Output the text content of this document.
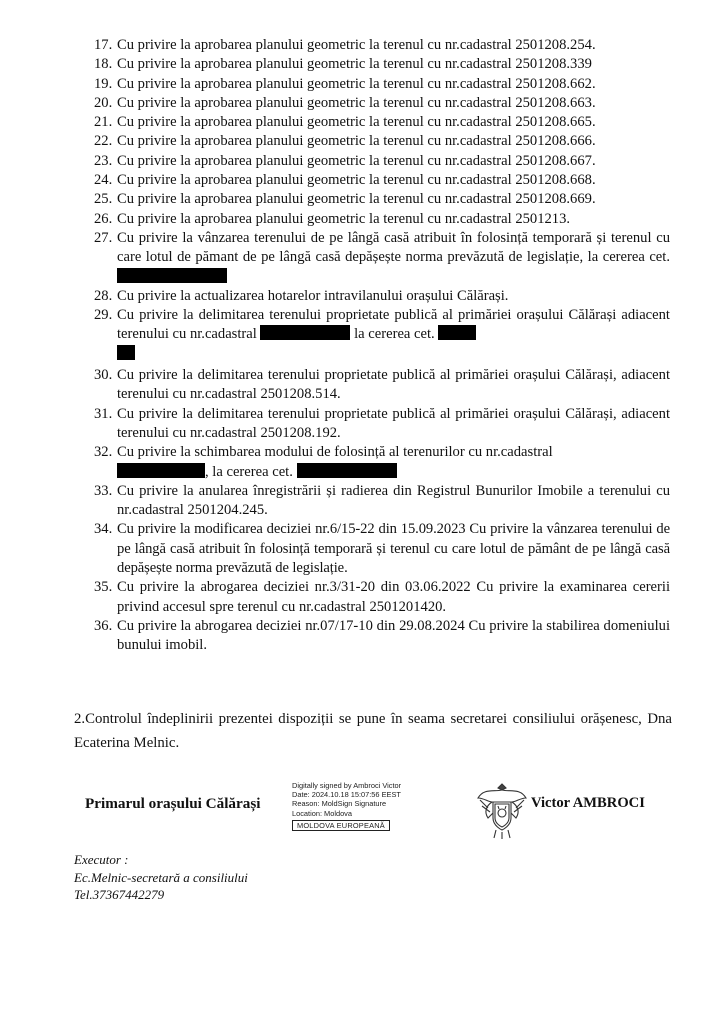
17. Cu privire la aprobarea planului geometric la terenul cu nr.cadastral 2501208.254.
18. Cu privire la aprobarea planului geometric la terenul cu nr.cadastral 2501208.339
19. Cu privire la aprobarea planului geometric la terenul cu nr.cadastral 2501208.662.
20. Cu privire la aprobarea planului geometric la terenul cu nr.cadastral 2501208.663.
21. Cu privire la aprobarea planului geometric la terenul cu nr.cadastral 2501208.665.
22. Cu privire la aprobarea planului geometric la terenul cu nr.cadastral 2501208.666.
23. Cu privire la aprobarea planului geometric la terenul cu nr.cadastral 2501208.667.
24. Cu privire la aprobarea planului geometric la terenul cu nr.cadastral 2501208.668.
25. Cu privire la aprobarea planului geometric la terenul cu nr.cadastral 2501208.669.
26. Cu privire la aprobarea planului geometric la terenul cu nr.cadastral 2501213.
27. Cu privire la vânzarea terenului de pe lângă casă atribuit în folosință temporară și terenul cu care lotul de pămant de pe lângă casă depășește norma prevăzută de legislație, la cererea cet.
28. Cu privire la actualizarea hotarelor intravilanului orașului Călărași.
29. Cu privire la delimitarea terenului proprietate publică al primăriei orașului Călărași adiacent terenului cu nr.cadastral	la cererea cet.

30. Cu privire la delimitarea terenului proprietate publică al primăriei orașului Călărași, adiacent terenului cu nr.cadastral 2501208.514.
31. Cu privire la delimitarea terenului proprietate publică al primăriei orașului Călărași, adiacent terenului cu nr.cadastral 2501208.192.
32. Cu privire la schimbarea modului de folosință al terenurilor cu nr.cadastral
, la cererea cet.
33. Cu privire la anularea înregistrării și radierea din Registrul Bunurilor Imobile a terenului cu nr.cadastral 2501204.245.
34. Cu privire la modificarea deciziei nr.6/15-22 din 15.09.2023 Cu privire la vânzarea terenului de pe lângă casă atribuit în folosință temporară și terenul cu care lotul de pământ de pe lângă casă depășește norma prevăzută de legislație.
35. Cu privire la abrogarea deciziei nr.3/31-20 din 03.06.2022 Cu privire la examinarea cererii privind accesul spre terenul cu nr.cadastral 2501201420.
36. Cu privire la abrogarea deciziei nr.07/17-10 din 29.08.2024 Cu privire la stabilirea domeniului bunului imobil.
2.Controlul îndeplinirii prezentei dispoziții se pune în seama secretarei consiliului orășenesc, Dna Ecaterina Melnic.
Primarul orașului Călărași
Digitally signed by Ambroci Victor
Date: 2024.10.18 15:07:56 EEST
Reason: MoldSign Signature
Location: Moldova
MOLDOVA EUROPEANĂ
Victor AMBROCI
Executor :
Ec.Melnic-secretară a consiliului
Tel.37367442279
